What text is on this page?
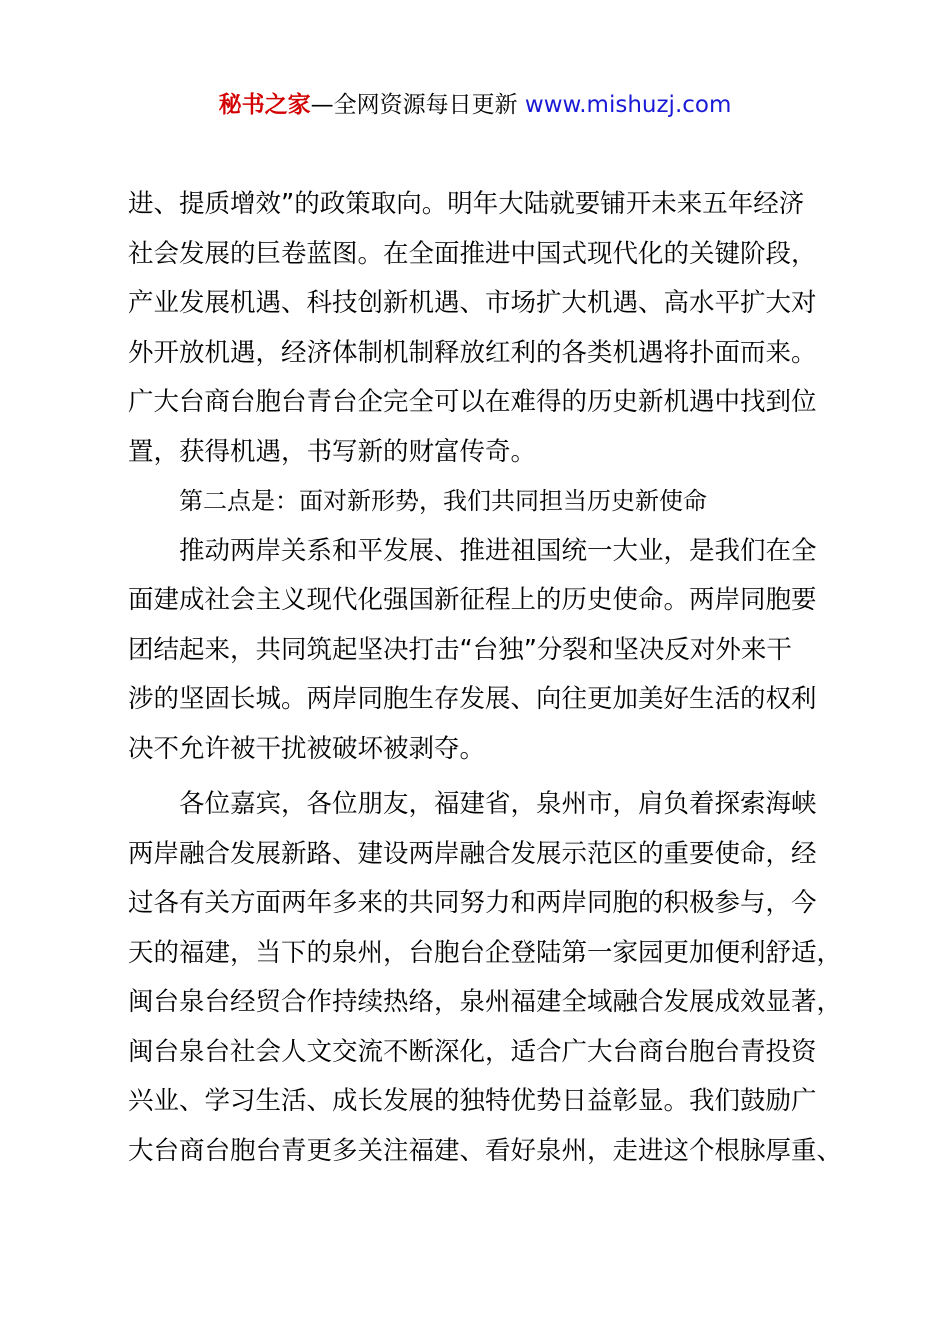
秘书之家—全网资源每日更新 www.mishuzj.com
进、提质增效”的政策取向。明年大陆就要铺开未来五年经济
社会发展的巨卷蓝图。在全面推进中国式现代化的关键阶段，
产业发展机遇、科技创新机遇、市场扩大机遇、高水平扩大对
外开放机遇，经济体制机制释放红利的各类机遇将扑面而来。
广大台商台胞台青台企完全可以在难得的历史新机遇中找到位
置，获得机遇，书写新的财富传奇。
第二点是：面对新形势，我们共同担当历史新使命
推动两岸关系和平发展、推进祖国统一大业，是我们在全
面建成社会主义现代化强国新征程上的历史使命。两岸同胞要
团结起来，共同筑起坚决打击“台独”分裂和坚决反对外来干
涉的坚固长城。两岸同胞生存发展、向往更加美好生活的权利
决不允许被干扰被破坏被剥夺。
各位嘉宾，各位朋友，福建省，泉州市，肩负着探索海峡
两岸融合发展新路、建设两岸融合发展示范区的重要使命，经
过各有关方面两年多来的共同努力和两岸同胞的积极参与，今
天的福建，当下的泉州，台胞台企登陆第一家园更加便利舒适，
闽台泉台经贸合作持续热络，泉州福建全域融合发展成效显著，
闽台泉台社会人文交流不断深化，适合广大台商台胞台青投资
兴业、学习生活、成长发展的独特优势日益彰显。我们鼓励广
大台商台胞台青更多关注福建、看好泉州，走进这个根脉厚重、
